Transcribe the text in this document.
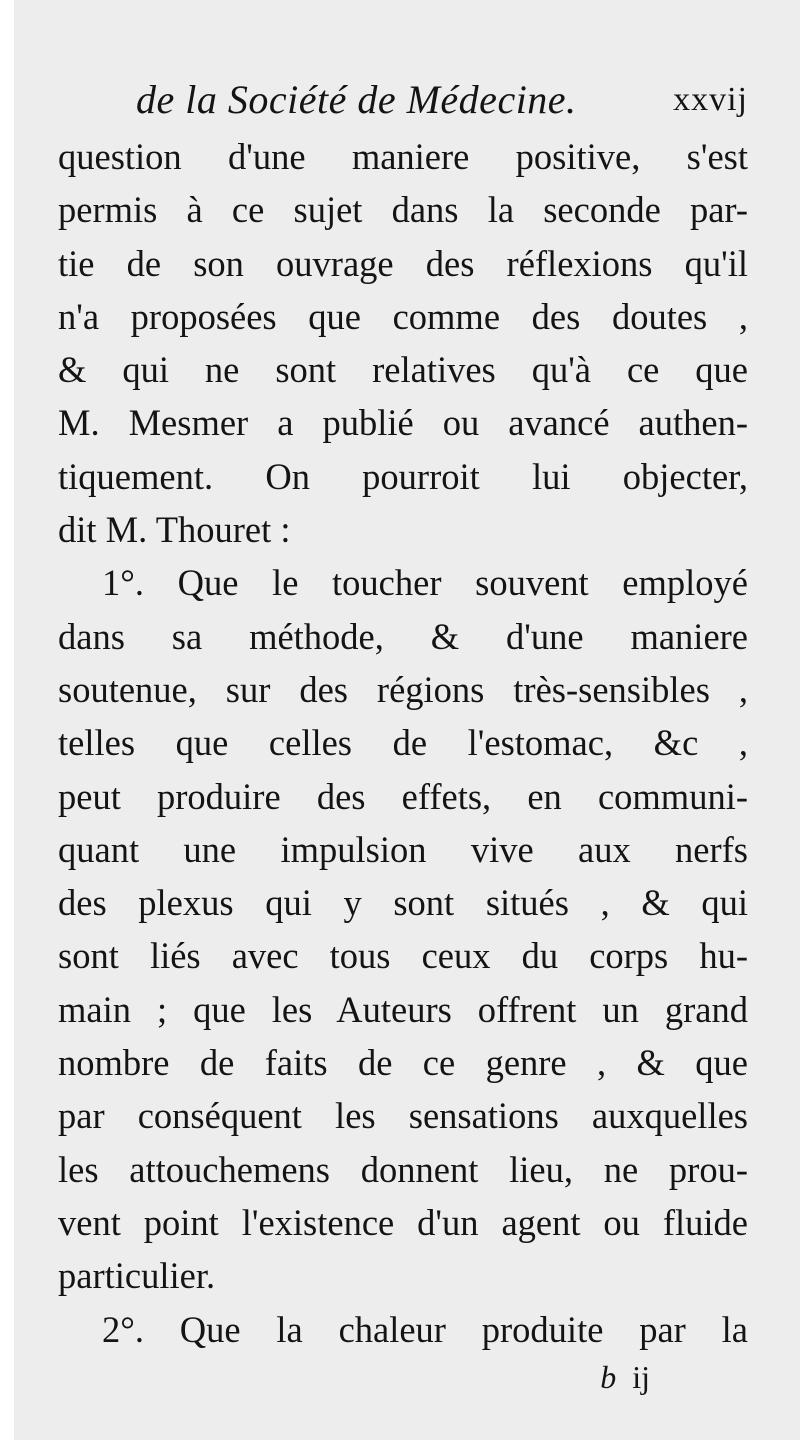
de la Société de Médecine.	xxvij
question d'une maniere positive, s'est
permis à ce sujet dans la seconde par-
tie de son ouvrage des réflexions qu'il
n'a proposées que comme des doutes ,
& qui ne sont relatives qu'à ce que
M. Mesmer a publié ou avancé authen-
tiquement. On pourroit lui objecter,
dit M. Thouret :
1°. Que le toucher souvent employé
dans sa méthode, & d'une maniere
soutenue, sur des régions très-sensibles ,
telles que celles de l'estomac, &c ,
peut produire des effets, en communi-
quant une impulsion vive aux nerfs
des plexus qui y sont situés , & qui
sont liés avec tous ceux du corps hu-
main ; que les Auteurs offrent un grand
nombre de faits de ce genre , & que
par conséquent les sensations auxquelles
les attouchemens donnent lieu, ne prou-
vent point l'existence d'un agent ou fluide
particulier.
2°. Que la chaleur produite par la
b ij
